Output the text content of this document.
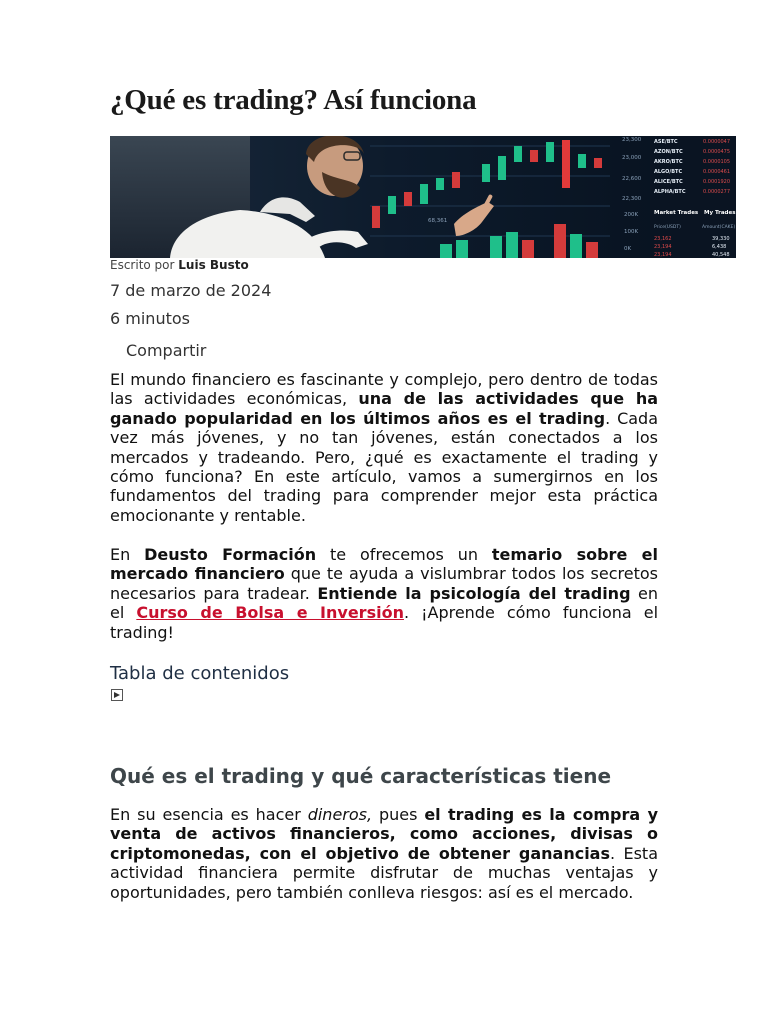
¿Qué es trading? Así funciona
23,300
23,000
22,600
22,300
200K
100K
0K
68,361
ASE/BTC
AZON/BTC
AKRO/BTC
ALGO/BTC
ALICE/BTC
ALPHA/BTC
0.0000047
0.0000475
0.0000105
0.0000461
0.0001920
0.0000277
Market Trades My Trades
Price(USDT)	Amount(CAKE)
23,162
23,194
23,194
39,330
6,438
40,548
Escrito por Luis Busto
7 de marzo de 2024
6 minutos
Compartir

El mundo financiero es fascinante y complejo, pero dentro de todas las actividades económicas, una de las actividades que ha ganado popularidad en los últimos años es el trading. Cada vez más jóvenes, y no tan jóvenes, están conectados a los mercados y tradeando. Pero, ¿qué es exactamente el trading y cómo funciona? En este artículo, vamos a sumergirnos en los fundamentos del trading para comprender mejor esta práctica emocionante y rentable.

En Deusto Formación te ofrecemos un temario sobre el mercado financiero que te ayuda a vislumbrar todos los secretos necesarios para tradear. Entiende la psicología del trading en el Curso de Bolsa e Inversión. ¡Aprende cómo funciona el trading!

Tabla de contenidos
Qué es el trading y qué características tiene

En su esencia es hacer dineros, pues el trading es la compra y venta de activos financieros, como acciones, divisas o criptomonedas, con el objetivo de obtener ganancias. Esta actividad financiera permite disfrutar de muchas ventajas y oportunidades, pero también conlleva riesgos: así es el mercado.
